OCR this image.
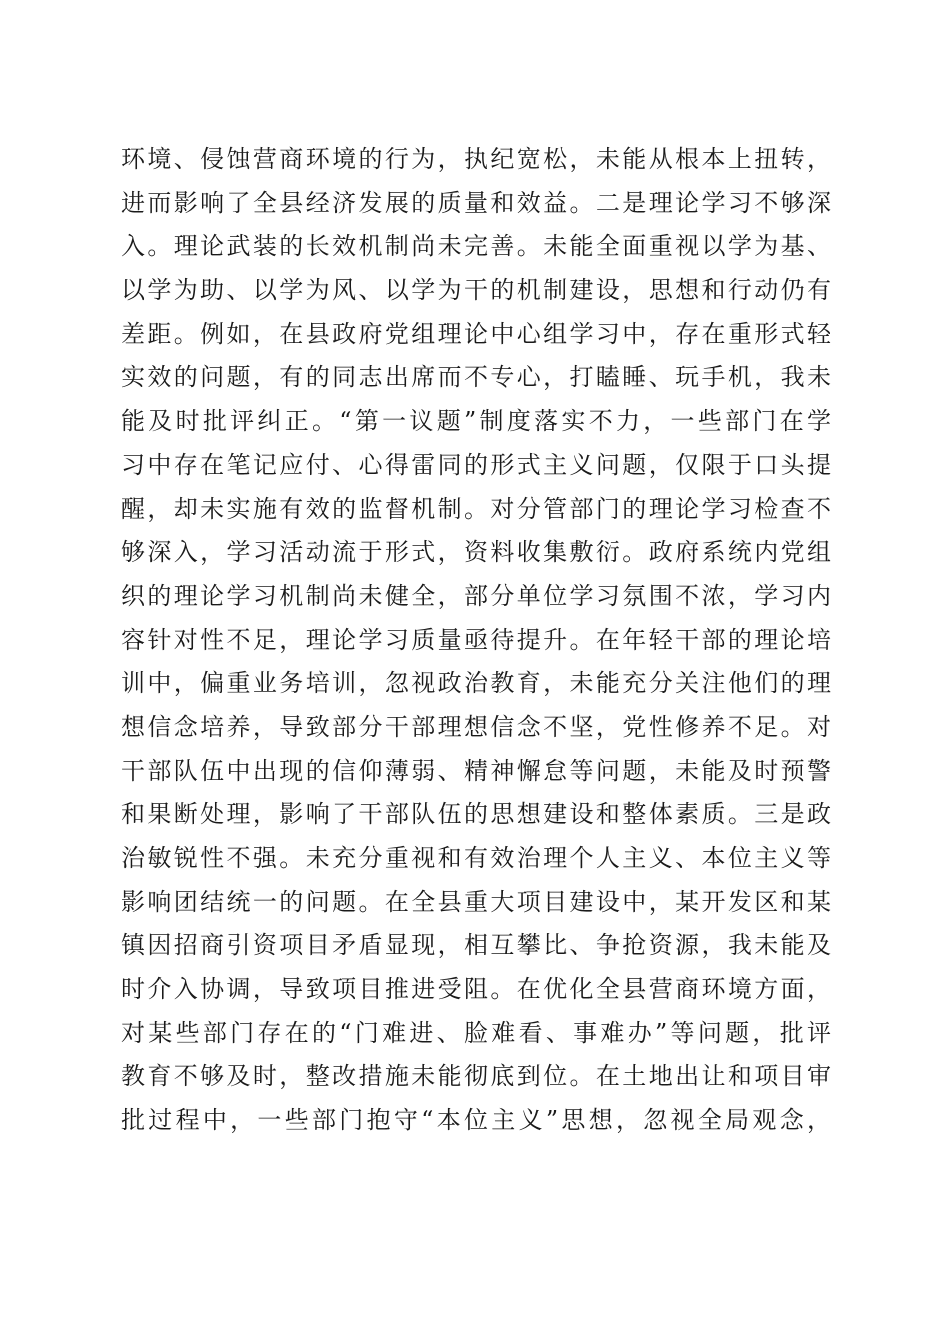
环境、侵蚀营商环境的行为，执纪宽松，未能从根本上扭转，
进而影响了全县经济发展的质量和效益。二是理论学习不够深
入。理论武装的长效机制尚未完善。未能全面重视以学为基、
以学为助、以学为风、以学为干的机制建设，思想和行动仍有
差距。例如，在县政府党组理论中心组学习中，存在重形式轻
实效的问题，有的同志出席而不专心，打瞌睡、玩手机，我未
能及时批评纠正。“第一议题”制度落实不力，一些部门在学
习中存在笔记应付、心得雷同的形式主义问题，仅限于口头提
醒，却未实施有效的监督机制。对分管部门的理论学习检查不
够深入，学习活动流于形式，资料收集敷衍。政府系统内党组
织的理论学习机制尚未健全，部分单位学习氛围不浓，学习内
容针对性不足，理论学习质量亟待提升。在年轻干部的理论培
训中，偏重业务培训，忽视政治教育，未能充分关注他们的理
想信念培养，导致部分干部理想信念不坚，党性修养不足。对
干部队伍中出现的信仰薄弱、精神懈怠等问题，未能及时预警
和果断处理，影响了干部队伍的思想建设和整体素质。三是政
治敏锐性不强。未充分重视和有效治理个人主义、本位主义等
影响团结统一的问题。在全县重大项目建设中，某开发区和某
镇因招商引资项目矛盾显现，相互攀比、争抢资源，我未能及
时介入协调，导致项目推进受阻。在优化全县营商环境方面，
对某些部门存在的“门难进、脸难看、事难办”等问题，批评
教育不够及时，整改措施未能彻底到位。在土地出让和项目审
批过程中，一些部门抱守“本位主义”思想，忽视全局观念，
